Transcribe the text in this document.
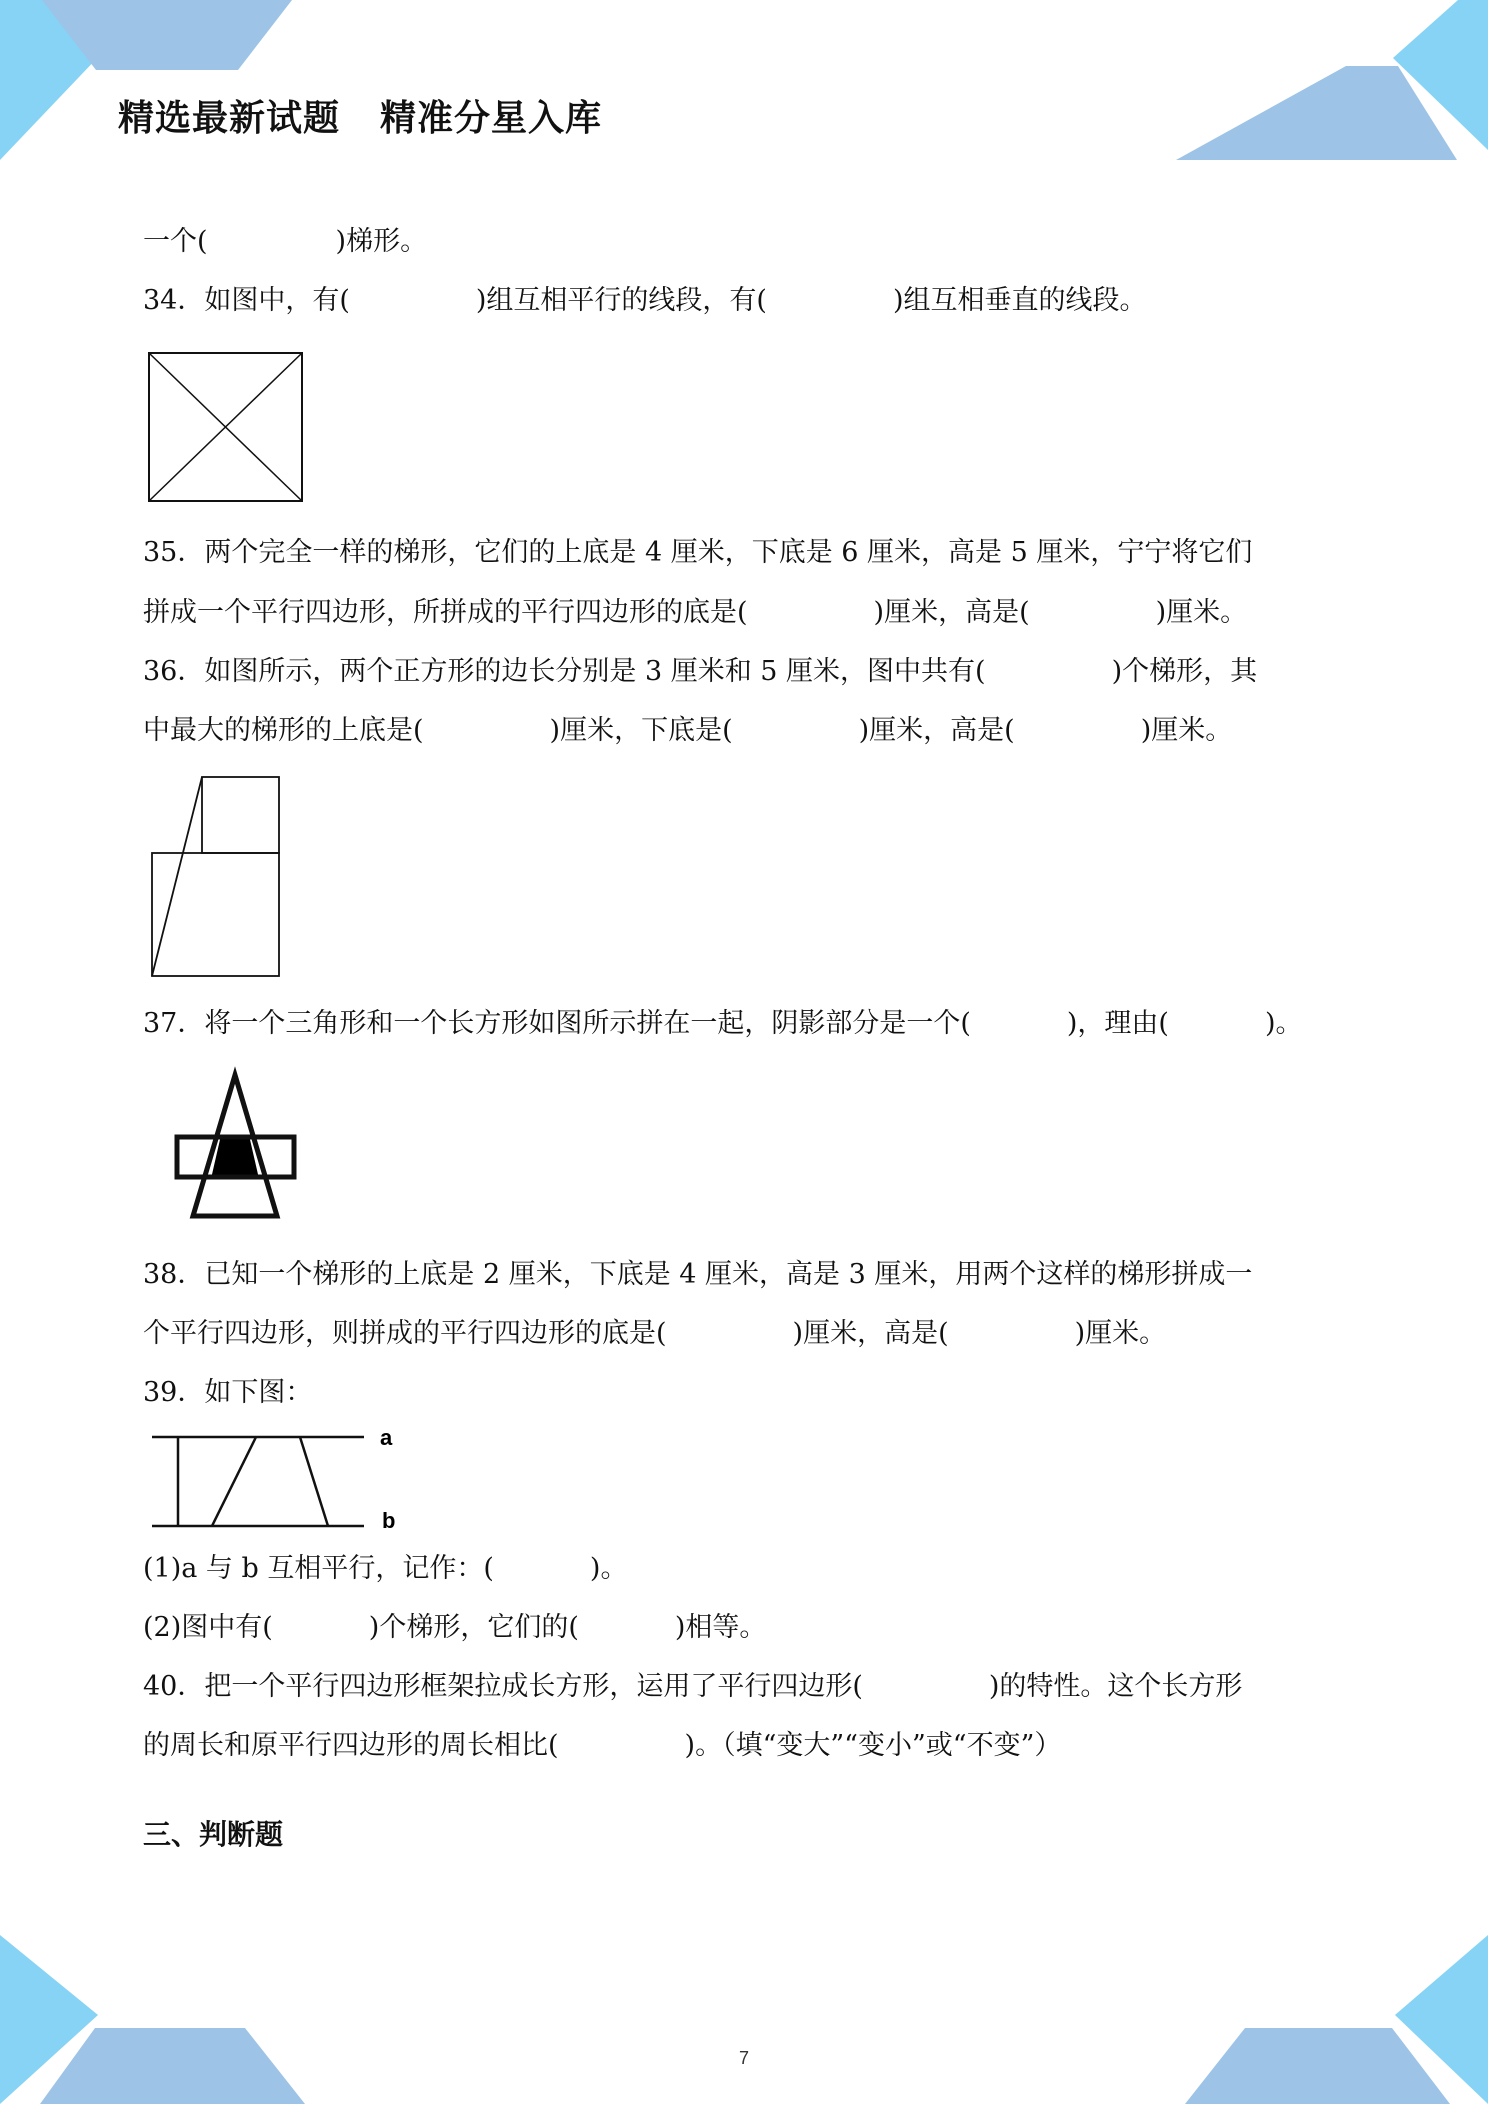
精选最新试题 精准分星入库
一个(	)梯形。
34．如图中，有(	)组互相平行的线段，有(	)组互相垂直的线段。
35．两个完全一样的梯形，它们的上底是 4 厘米，下底是 6 厘米，高是 5 厘米，宁宁将它们
拼成一个平行四边形，所拼成的平行四边形的底是(	)厘米，高是(	)厘米。
36．如图所示，两个正方形的边长分别是 3 厘米和 5 厘米，图中共有(	)个梯形，其
中最大的梯形的上底是(	)厘米，下底是(	)厘米，高是(	)厘米。
37．将一个三角形和一个长方形如图所示拼在一起，阴影部分是一个(	)，理由(	)。
38．已知一个梯形的上底是 2 厘米，下底是 4 厘米，高是 3 厘米，用两个这样的梯形拼成一
个平行四边形，则拼成的平行四边形的底是(	)厘米，高是(	)厘米。
39．如下图：
a
b
(1)a 与 b 互相平行，记作：(	)。
(2)图中有(	)个梯形，它们的(	)相等。
40．把一个平行四边形框架拉成长方形，运用了平行四边形(	)的特性。这个长方形
的周长和原平行四边形的周长相比(	)。（填“变大”“变小”或“不变”）
三、判断题
7
